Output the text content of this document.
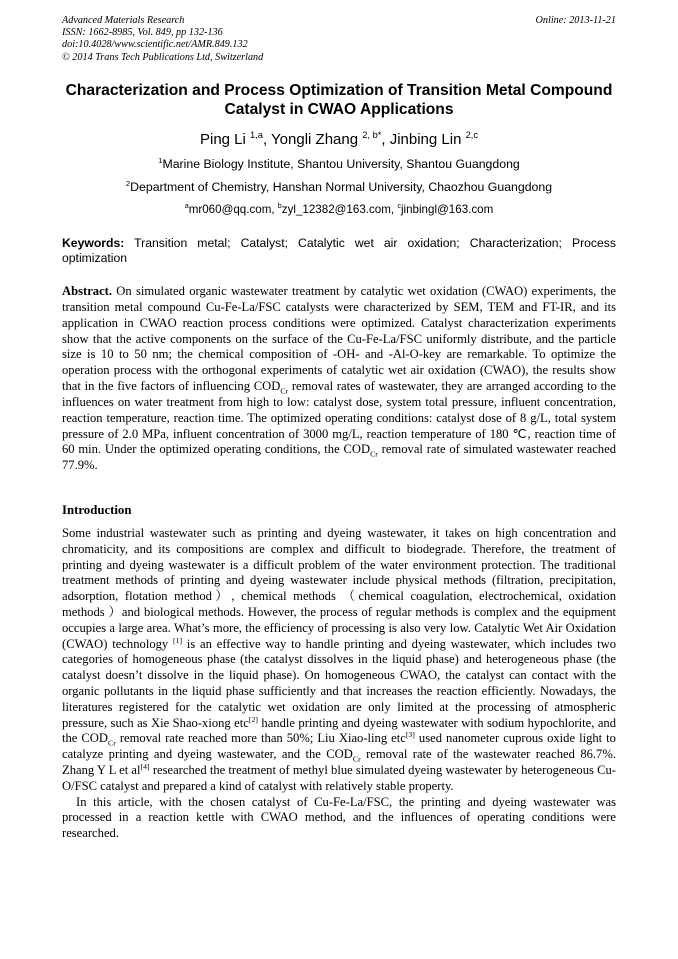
Advanced Materials Research
ISSN: 1662-8985, Vol. 849, pp 132-136
doi:10.4028/www.scientific.net/AMR.849.132
© 2014 Trans Tech Publications Ltd, Switzerland
Online: 2013-11-21
Characterization and Process Optimization of Transition Metal Compound Catalyst in CWAO Applications
Ping Li $^{1,a}$, Yongli Zhang $^{2, b*}$, Jinbing Lin $^{2,c}$
$^1$Marine Biology Institute, Shantou University, Shantou Guangdong
$^2$Department of Chemistry, Hanshan Normal University, Chaozhou Guangdong
$^a$mr060@qq.com, $^b$zyl_12382@163.com, $^c$jinbingl@163.com
Keywords: Transition metal; Catalyst; Catalytic wet air oxidation; Characterization; Process optimization
Abstract. On simulated organic wastewater treatment by catalytic wet oxidation (CWAO) experiments, the transition metal compound Cu-Fe-La/FSC catalysts were characterized by SEM, TEM and FT-IR, and its application in CWAO reaction process conditions were optimized. Catalyst characterization experiments show that the active components on the surface of the Cu-Fe-La/FSC uniformly distribute, and the particle size is 10 to 50 nm; the chemical composition of -OH- and -Al-O-key are remarkable. To optimize the operation process with the orthogonal experiments of catalytic wet air oxidation (CWAO), the results show that in the five factors of influencing $COD_{Cr}$ removal rates of wastewater, they are arranged according to the influences on water treatment from high to low: catalyst dose, system total pressure, influent concentration, reaction temperature, reaction time. The optimized operating conditions: catalyst dose of 8 g/L, total system pressure of 2.0 MPa, influent concentration of 3000 mg/L, reaction temperature of 180 ℃, reaction time of 60 min. Under the optimized operating conditions, the $COD_{Cr}$ removal rate of simulated wastewater reached 77.9%.
Introduction

Some industrial wastewater such as printing and dyeing wastewater, it takes on high concentration and chromaticity, and its compositions are complex and difficult to biodegrade. Therefore, the treatment of printing and dyeing wastewater is a difficult problem of the water environment protection. The traditional treatment methods of printing and dyeing wastewater include physical methods (filtration, precipitation, adsorption, flotation method）, chemical methods （chemical coagulation, electrochemical, oxidation methods ）and biological methods. However, the process of regular methods is complex and the equipment occupies a large area. What’s more, the efficiency of processing is also very low. Catalytic Wet Air Oxidation (CWAO) technology [1] is an effective way to handle printing and dyeing wastewater, which includes two categories of homogeneous phase (the catalyst dissolves in the liquid phase) and heterogeneous phase (the catalyst doesn’t dissolve in the liquid phase). On homogeneous CWAO, the catalyst can contact with the organic pollutants in the liquid phase sufficiently and that increases the reaction efficiently. Nowadays, the literatures registered for the catalytic wet oxidation are only limited at the processing of atmospheric pressure, such as Xie Shao-xiong etc[2] handle printing and dyeing wastewater with sodium hypochlorite, and the $COD_{Cr}$ removal rate reached more than 50%; Liu Xiao-ling etc[3] used nanometer cuprous oxide light to catalyze printing and dyeing wastewater, and the $COD_{Cr}$ removal rate of the wastewater reached 86.7%. Zhang Y L et al[4] researched the treatment of methyl blue simulated dyeing wastewater by heterogeneous Cu-O/FSC catalyst and prepared a kind of catalyst with relatively stable property.

In this article, with the chosen catalyst of Cu-Fe-La/FSC, the printing and dyeing wastewater was processed in a reaction kettle with CWAO method, and the influences of operating conditions were researched.
